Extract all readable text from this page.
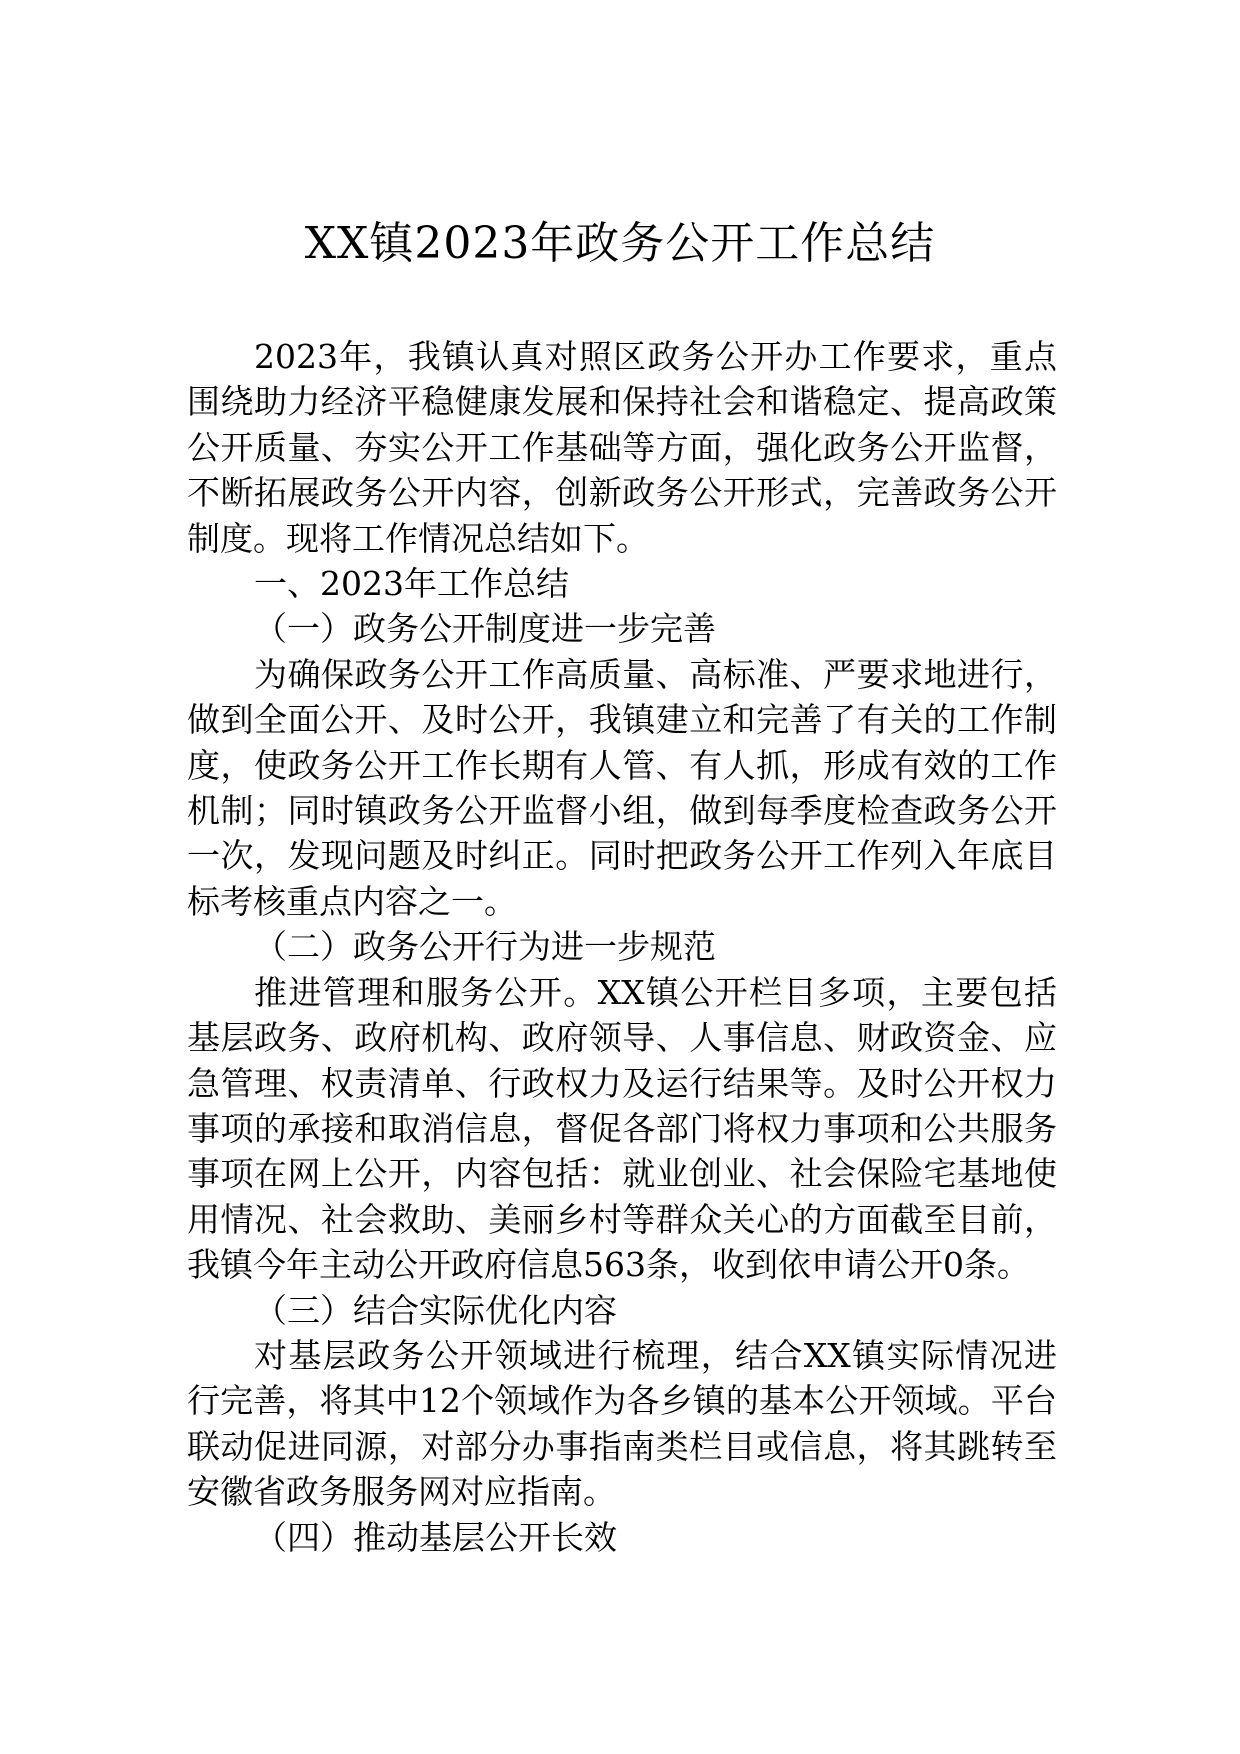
XX镇2023年政务公开工作总结

2023年，我镇认真对照区政务公开办工作要求，重点围绕助力经济平稳健康发展和保持社会和谐稳定、提高政策公开质量、夯实公开工作基础等方面，强化政务公开监督，不断拓展政务公开内容，创新政务公开形式，完善政务公开制度。现将工作情况总结如下。

一、2023年工作总结

（一）政务公开制度进一步完善

为确保政务公开工作高质量、高标准、严要求地进行，做到全面公开、及时公开，我镇建立和完善了有关的工作制度，使政务公开工作长期有人管、有人抓，形成有效的工作机制；同时镇政务公开监督小组，做到每季度检查政务公开一次，发现问题及时纠正。同时把政务公开工作列入年底目标考核重点内容之一。

（二）政务公开行为进一步规范

推进管理和服务公开。XX镇公开栏目多项，主要包括基层政务、政府机构、政府领导、人事信息、财政资金、应急管理、权责清单、行政权力及运行结果等。及时公开权力事项的承接和取消信息，督促各部门将权力事项和公共服务事项在网上公开，内容包括：就业创业、社会保险宅基地使用情况、社会救助、美丽乡村等群众关心的方面截至目前，我镇今年主动公开政府信息563条，收到依申请公开0条。

（三）结合实际优化内容

对基层政务公开领域进行梳理，结合XX镇实际情况进行完善，将其中12个领域作为各乡镇的基本公开领域。平台联动促进同源，对部分办事指南类栏目或信息，将其跳转至安徽省政务服务网对应指南。

（四）推动基层公开长效
